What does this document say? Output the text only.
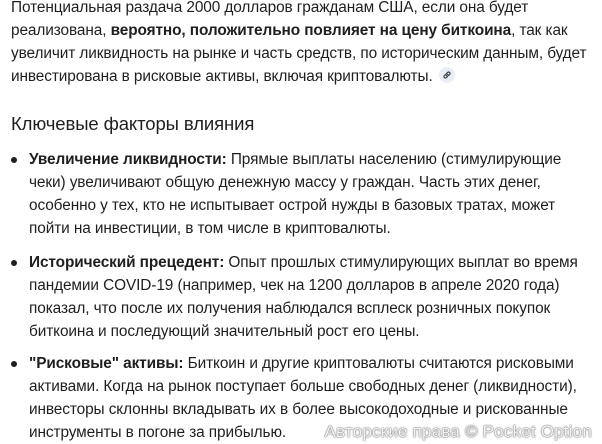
Потенциальная раздача 2000 долларов гражданам США, если она будет реализована, вероятно, положительно повлияет на цену биткоина, так как увеличит ликвидность на рынке и часть средств, по историческим данным, будет инвестирована в рисковые активы, включая криптовалюты.

Ключевые факторы влияния
Увеличение ликвидности: Прямые выплаты населению (стимулирующие чеки) увеличивают общую денежную массу у граждан. Часть этих денег, особенно у тех, кто не испытывает острой нужды в базовых тратах, может пойти на инвестиции, в том числе в криптовалюты.
Исторический прецедент: Опыт прошлых стимулирующих выплат во время пандемии COVID-19 (например, чек на 1200 долларов в апреле 2020 года) показал, что после их получения наблюдался всплеск розничных покупок биткоина и последующий значительный рост его цены.
"Рисковые" активы: Биткоин и другие криптовалюты считаются рисковыми активами. Когда на рынок поступает больше свободных денег (ликвидности), инвесторы склонны вкладывать их в более высокодоходные и рискованные инструменты в погоне за прибылью.	Авторские права © Pocket Option
